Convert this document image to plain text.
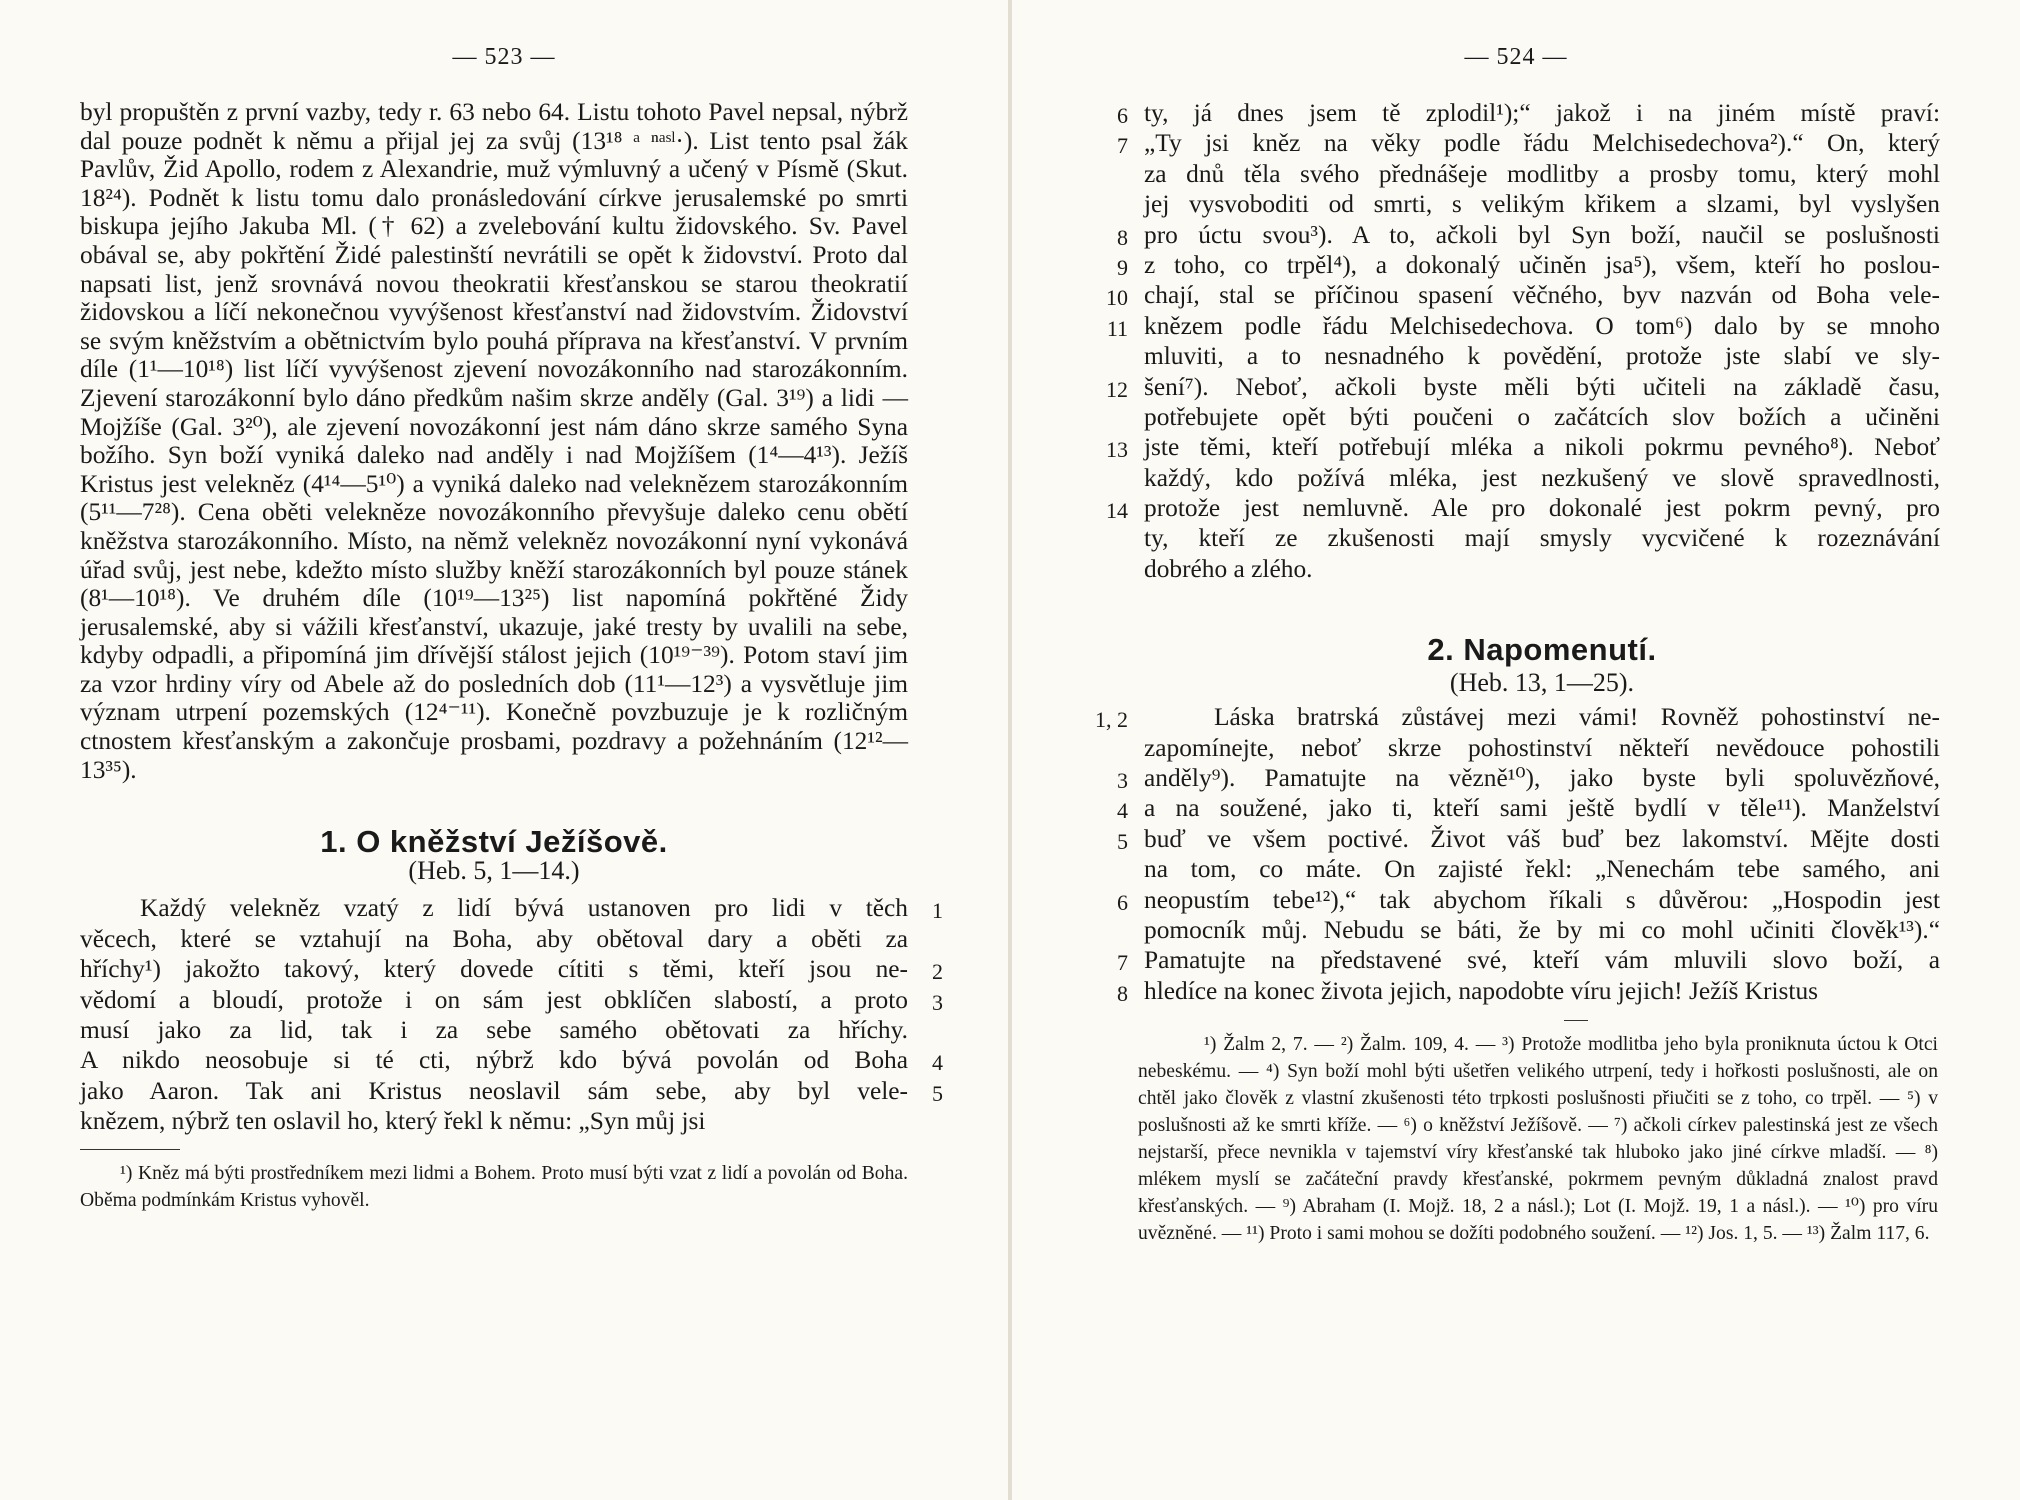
— 523 —

byl propuštěn z první vazby, tedy r. 63 nebo 64. Listu tohoto Pavel nepsal, nýbrž dal pouze podnět k němu a přijal jej za svůj (13¹⁸ ᵃ ⁿᵃˢˡ·). List tento psal žák Pavlův, Žid Apollo, rodem z Alexandrie, muž výmluvný a učený v Písmě (Skut. 18²⁴). Podnět k listu tomu dalo pronásledování církve jerusalemské po smrti biskupa jejího Jakuba Ml. († 62) a zvelebování kultu židovského. Sv. Pavel obával se, aby pokřtění Židé palestinští nevrátili se opět k židovství. Proto dal napsati list, jenž srovnává novou theokratii křesťanskou se starou theokratií židovskou a líčí nekonečnou vyvýšenost křesťanství nad židovstvím. Židovství se svým kněžstvím a obětnictvím bylo pouhá příprava na křesťanství. V prvním díle (1¹—10¹⁸) list líčí vyvýšenost zjevení novozákonního nad starozákonním. Zjevení starozákonní bylo dáno předkům našim skrze anděly (Gal. 3¹⁹) a lidi — Mojžíše (Gal. 3²⁰), ale zjevení novozákonní jest nám dáno skrze samého Syna božího. Syn boží vyniká daleko nad anděly i nad Mojžíšem (1⁴—4¹³). Ježíš Kristus jest velekněz (4¹⁴—5¹⁰) a vyniká daleko nad veleknězem starozákonním (5¹¹—7²⁸). Cena oběti velekněze novozákonního převyšuje daleko cenu obětí kněžstva starozákonního. Místo, na němž velekněz novozákonní nyní vykonává úřad svůj, jest nebe, kdežto místo služby kněží starozákonních byl pouze stánek (8¹—10¹⁸). Ve druhém díle (10¹⁹—13²⁵) list napomíná pokřtěné Židy jerusalemské, aby si vážili křesťanství, ukazuje, jaké tresty by uvalili na sebe, kdyby odpadli, a připomíná jim dřívější stálost jejich (10¹⁹⁻³⁹). Potom staví jim za vzor hrdiny víry od Abele až do posledních dob (11¹—12³) a vysvětluje jim význam utrpení pozemských (12⁴⁻¹¹). Konečně povzbuzuje je k rozličným ctnostem křesťanským a zakončuje prosbami, pozdravy a požehnáním (12¹²—13³⁵).

1. O kněžství Ježíšově.
(Heb. 5, 1—14.)
Každý velekněz vzatý z lidí bývá ustanoven pro lidi v těch 1
věcech, které se vztahují na Boha, aby obětoval dary a oběti za
hříchy¹) jakožto takový, který dovede cítiti s těmi, kteří jsou ne- 2
vědomí a bloudí, protože i on sám jest obklíčen slabostí, a proto 3
musí jako za lid, tak i za sebe samého obětovati za hříchy.
A nikdo neosobuje si té cti, nýbrž kdo bývá povolán od Boha 4
jako Aaron. Tak ani Kristus neoslavil sám sebe, aby byl vele- 5
knězem, nýbrž ten oslavil ho, který řekl k němu: „Syn můj jsi

¹) Kněz má býti prostředníkem mezi lidmi a Bohem. Proto musí býti vzat z lidí a povolán od Boha. Oběma podmínkám Kristus vyhověl.

— 524 —
ty, já dnes jsem tě zplodil¹);“ jakož i na jiném místě praví:
6
„Ty jsi kněz na věky podle řádu Melchisedechova²).“ On, který
7
za dnů těla svého přednášeje modlitby a prosby tomu, který mohl
jej vysvoboditi od smrti, s velikým křikem a slzami, byl vyslyšen
pro úctu svou³). A to, ačkoli byl Syn boží, naučil se poslušnosti
8
z toho, co trpěl⁴), a dokonalý učiněn jsa⁵), všem, kteří ho poslou-
9
chají, stal se příčinou spasení věčného, byv nazván od Boha vele-
10
knězem podle řádu Melchisedechova. O tom⁶) dalo by se mnoho
11
mluviti, a to nesnadného k povědění, protože jste slabí ve sly-
šení⁷). Neboť, ačkoli byste měli býti učiteli na základě času,
12
potřebujete opět býti poučeni o začátcích slov božích a učiněni
jste těmi, kteří potřebují mléka a nikoli pokrmu pevného⁸). Neboť
13
každý, kdo požívá mléka, jest nezkušený ve slově spravedlnosti,
protože jest nemluvně. Ale pro dokonalé jest pokrm pevný, pro
14
ty, kteří ze zkušenosti mají smysly vycvičené k rozeznávání
dobrého a zlého.
2. Napomenutí.
(Heb. 13, 1—25).
Láska bratrská zůstávej mezi vámi! Rovněž pohostinství ne-
1, 2
zapomínejte, neboť skrze pohostinství někteří nevědouce pohostili
anděly⁹). Pamatujte na vězně¹⁰), jako byste byli spoluvězňové,
3
a na soužené, jako ti, kteří sami ještě bydlí v těle¹¹). Manželství
4
buď ve všem poctivé. Život váš buď bez lakomství. Mějte dosti
5
na tom, co máte. On zajisté řekl: „Nenechám tebe samého, ani
neopustím tebe¹²),“ tak abychom říkali s důvěrou: „Hospodin jest
6
pomocník můj. Nebudu se báti, že by mi co mohl učiniti člověk¹³).“
Pamatujte na představené své, kteří vám mluvili slovo boží, a
7
hledíce na konec života jejich, napodobte víru jejich! Ježíš Kristus
8

¹) Žalm 2, 7. — ²) Žalm. 109, 4. — ³) Protože modlitba jeho byla proniknuta úctou k Otci nebeskému. — ⁴) Syn boží mohl býti ušetřen velikého utrpení, tedy i hořkosti poslušnosti, ale on chtěl jako člověk z vlastní zkušenosti této trpkosti poslušnosti přiučiti se z toho, co trpěl. — ⁵) v poslušnosti až ke smrti kříže. — ⁶) o kněžství Ježíšově. — ⁷) ačkoli církev palestinská jest ze všech nejstarší, přece nevnikla v tajemství víry křesťanské tak hluboko jako jiné církve mladší. — ⁸) mlékem myslí se začáteční pravdy křesťanské, pokrmem pevným důkladná znalost pravd křesťanských. — ⁹) Abraham (I. Mojž. 18, 2 a násl.); Lot (I. Mojž. 19, 1 a násl.). — ¹⁰) pro víru uvězněné. — ¹¹) Proto i sami mohou se dožíti podobného soužení. — ¹²) Jos. 1, 5. — ¹³) Žalm 117, 6.
